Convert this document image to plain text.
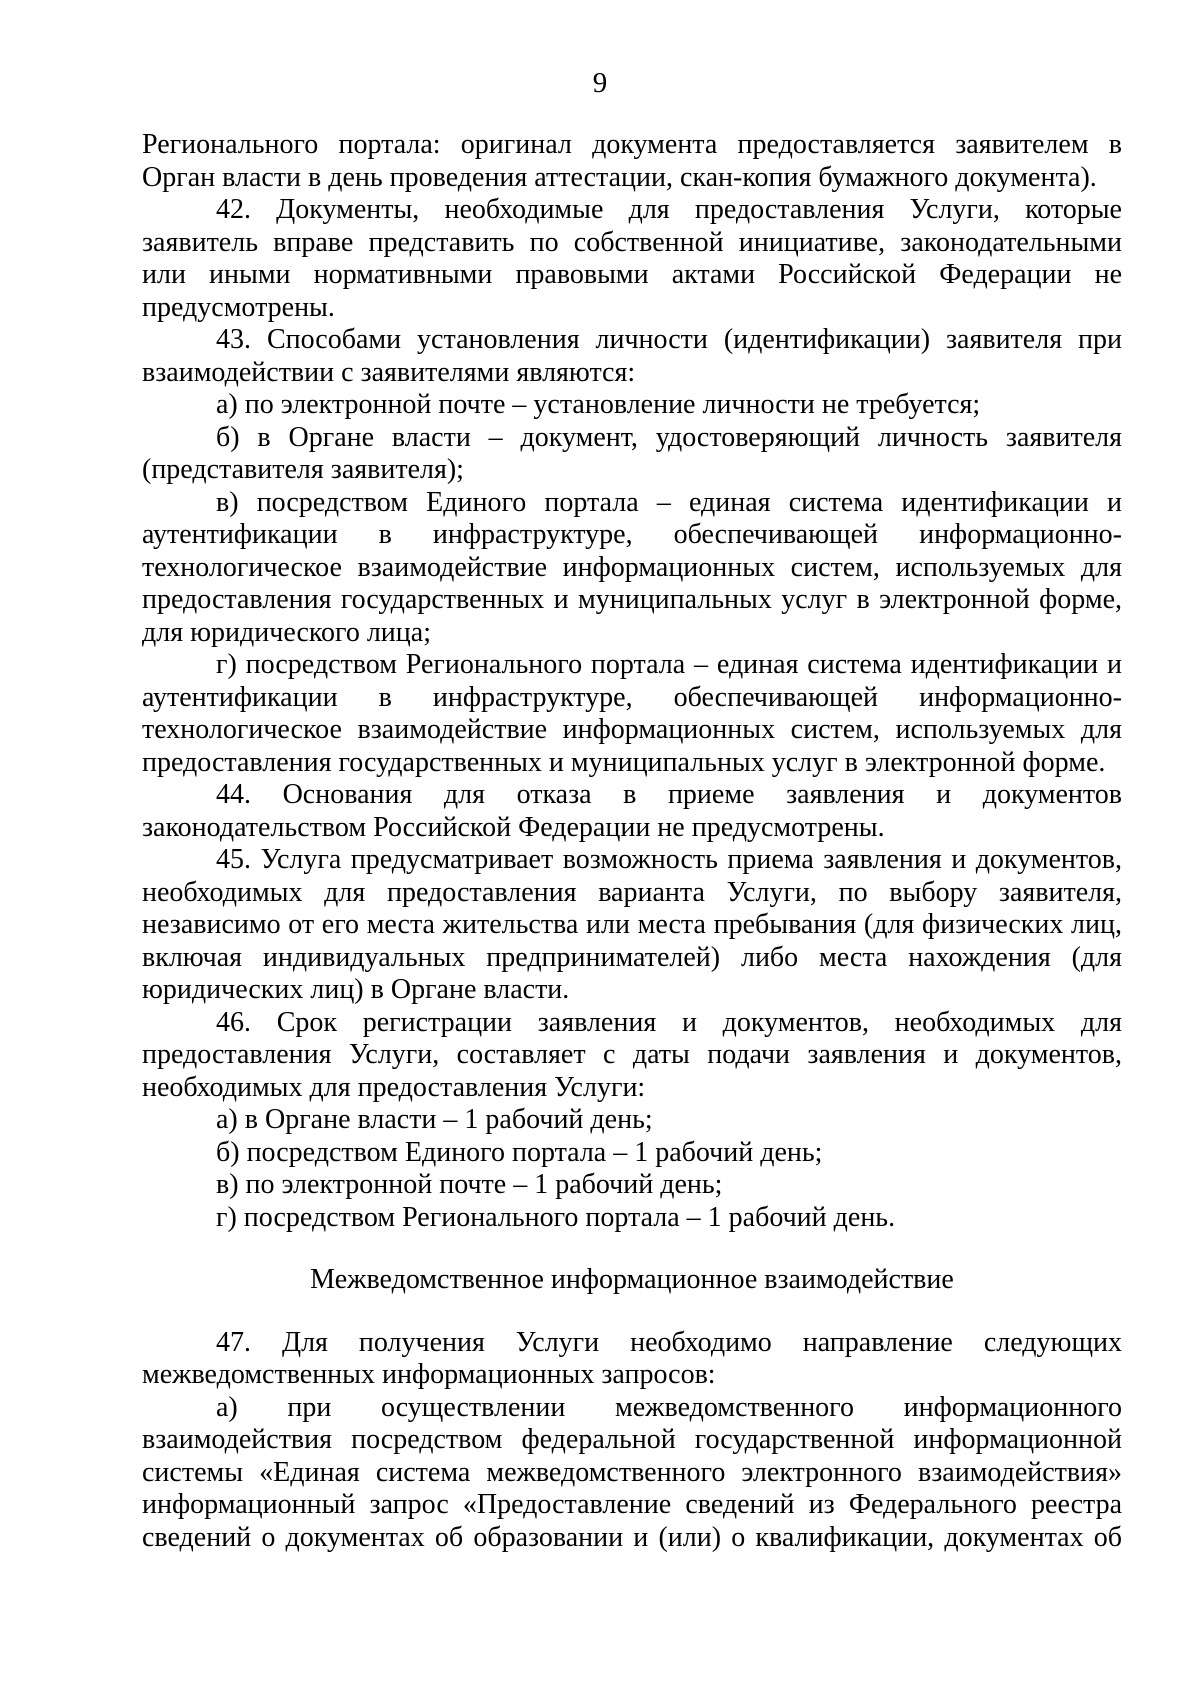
9

Регионального портала: оригинал документа предоставляется заявителем в Орган власти в день проведения аттестации, скан-копия бумажного документа).

42. Документы, необходимые для предоставления Услуги, которые заявитель вправе представить по собственной инициативе, законодательными или иными нормативными правовыми актами Российской Федерации не предусмотрены.

43. Способами установления личности (идентификации) заявителя при взаимодействии с заявителями являются:

а) по электронной почте – установление личности не требуется;

б) в Органе власти – документ, удостоверяющий личность заявителя (представителя заявителя);

в) посредством Единого портала – единая система идентификации и аутентификации в инфраструктуре, обеспечивающей информационно-технологическое взаимодействие информационных систем, используемых для предоставления государственных и муниципальных услуг в электронной форме, для юридического лица;

г) посредством Регионального портала – единая система идентификации и аутентификации в инфраструктуре, обеспечивающей информационно-технологическое взаимодействие информационных систем, используемых для предоставления государственных и муниципальных услуг в электронной форме.

44. Основания для отказа в приеме заявления и документов законодательством Российской Федерации не предусмотрены.

45. Услуга предусматривает возможность приема заявления и документов, необходимых для предоставления варианта Услуги, по выбору заявителя, независимо от его места жительства или места пребывания (для физических лиц, включая индивидуальных предпринимателей) либо места нахождения (для юридических лиц) в Органе власти.

46. Срок регистрации заявления и документов, необходимых для предоставления Услуги, составляет с даты подачи заявления и документов, необходимых для предоставления Услуги:

а) в Органе власти – 1 рабочий день;

б) посредством Единого портала – 1 рабочий день;

в) по электронной почте – 1 рабочий день;

г) посредством Регионального портала – 1 рабочий день.

Межведомственное информационное взаимодействие

47. Для получения Услуги необходимо направление следующих межведомственных информационных запросов:

а) при осуществлении межведомственного информационного взаимодействия посредством федеральной государственной информационной системы «Единая система межведомственного электронного взаимодействия» информационный запрос «Предоставление сведений из Федерального реестра сведений о документах об образовании и (или) о квалификации, документах об
